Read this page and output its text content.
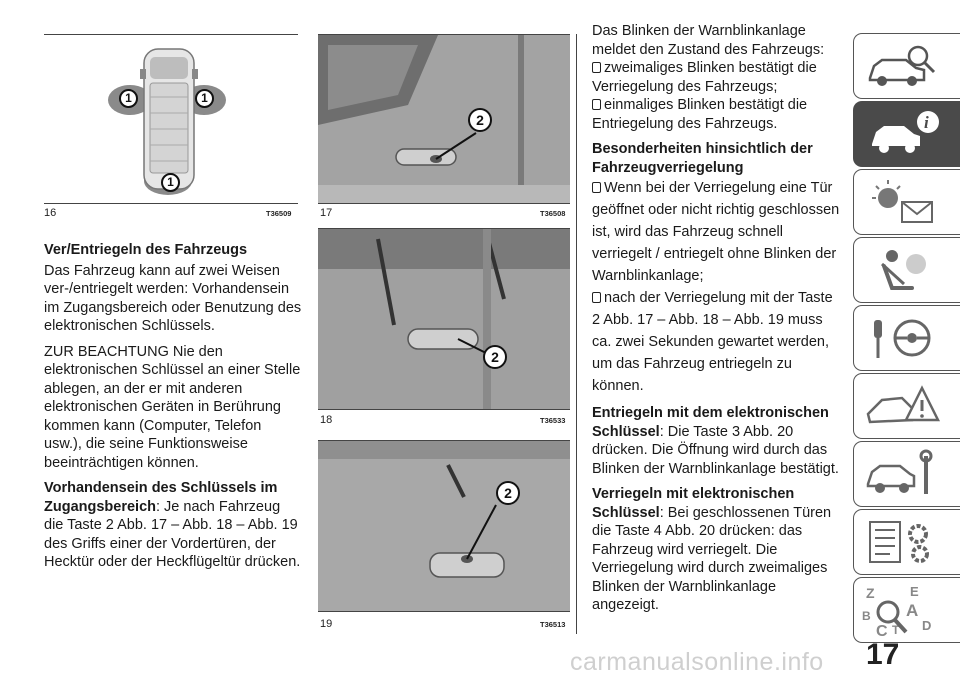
1	1
1
16	T36509

Ver/Entriegeln des Fahrzeugs

Das Fahrzeug kann auf zwei Weisen ver-/entriegelt werden: Vorhandensein im Zugangsbereich oder Benutzung des elektronischen Schlüssels.

ZUR BEACHTUNG Nie den elektronischen Schlüssel an einer Stelle ablegen, an der er mit anderen elektronischen Geräten in Berührung kommen kann (Computer, Telefon usw.), die seine Funktionsweise beeinträchtigen können.

Vorhandensein des Schlüssels im Zugangsbereich: Je nach Fahrzeug die Taste 2 Abb. 17 – Abb. 18 – Abb. 19 des Griffs einer der Vordertüren, der Hecktür oder der Heckflügeltür drücken.

2
17	T36508
2
18	T36533
2
19	T36513

Das Blinken der Warnblinkanlage meldet den Zustand des Fahrzeugs:

zweimaliges Blinken bestätigt die Verriegelung des Fahrzeugs;

einmaliges Blinken bestätigt die Entriegelung des Fahrzeugs.

Besonderheiten hinsichtlich der Fahrzeugverriegelung

Wenn bei der Verriegelung eine Tür geöffnet oder nicht richtig geschlossen ist, wird das Fahrzeug schnell verriegelt / entriegelt ohne Blinken der Warnblinkanlage;

nach der Verriegelung mit der Taste 2 Abb. 17 – Abb. 18 – Abb. 19 muss ca. zwei Sekunden gewartet werden, um das Fahrzeug entriegeln zu können.

Entriegeln mit dem elektronischen Schlüssel: Die Taste 3 Abb. 20 drücken. Die Öffnung wird durch das Blinken der Warnblinkanlage bestätigt.

Verriegeln mit elektronischen Schlüssel: Bei geschlossenen Türen die Taste 4 Abb. 20 drücken: das Fahrzeug wird verriegelt. Die Verriegelung wird durch zweimaliges Blinken der Warnblinkanlage angezeigt.

i
Z	E
A
B
C T D
17
carmanualsonline.info
